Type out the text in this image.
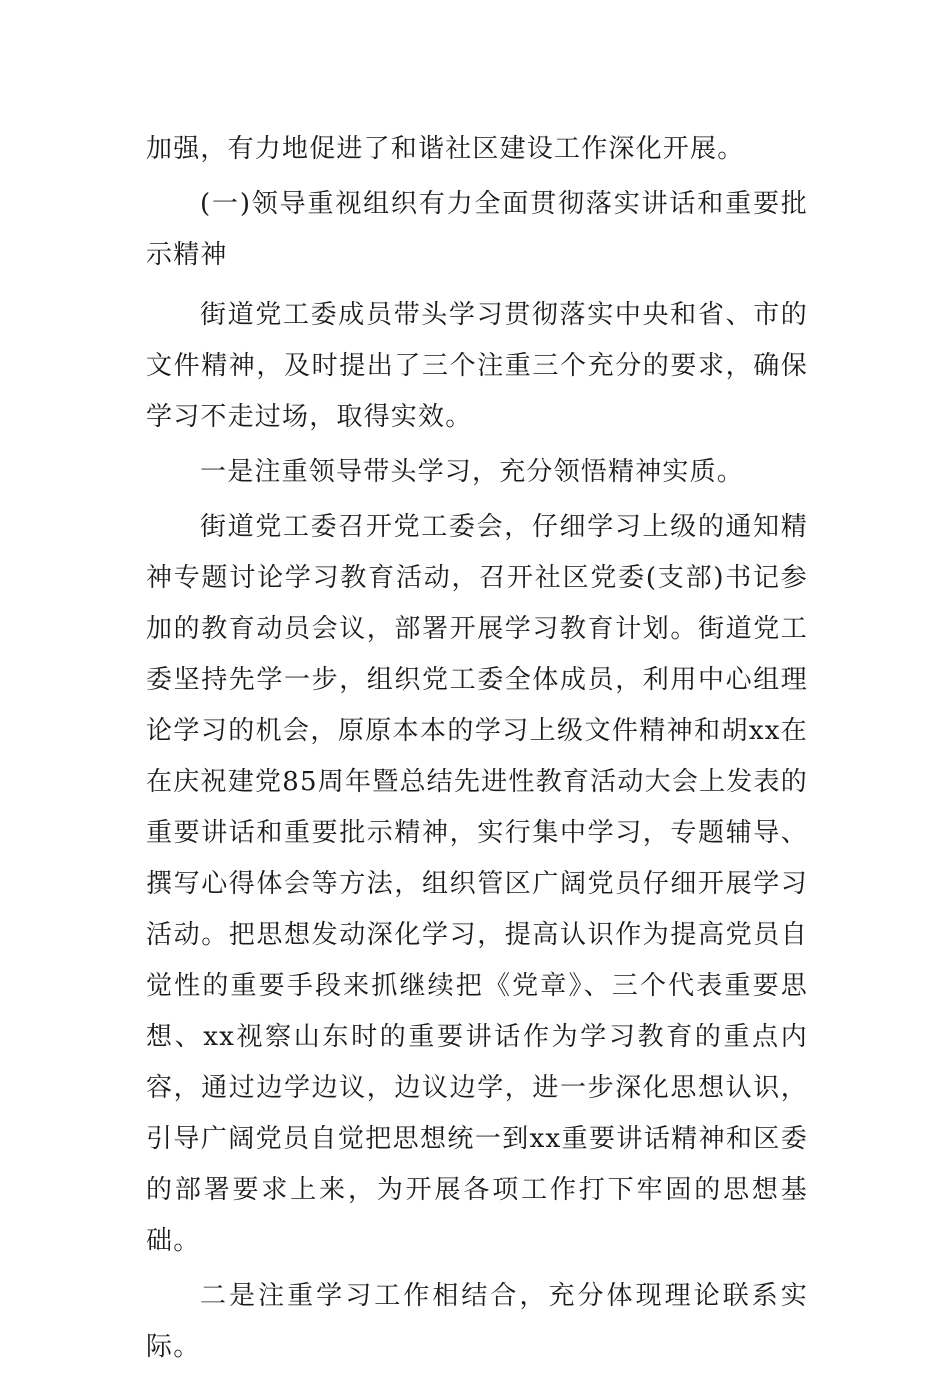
加强，有力地促进了和谐社区建设工作深化开展。

(一)领导重视组织有力全面贯彻落实讲话和重要批示精神

街道党工委成员带头学习贯彻落实中央和省、市的文件精神，及时提出了三个注重三个充分的要求，确保学习不走过场，取得实效。

一是注重领导带头学习，充分领悟精神实质。

街道党工委召开党工委会，仔细学习上级的通知精神专题讨论学习教育活动，召开社区党委(支部)书记参加的教育动员会议，部署开展学习教育计划。街道党工委坚持先学一步，组织党工委全体成员，利用中心组理论学习的机会，原原本本的学习上级文件精神和胡xx在在庆祝建党85周年暨总结先进性教育活动大会上发表的重要讲话和重要批示精神，实行集中学习，专题辅导、撰写心得体会等方法，组织管区广阔党员仔细开展学习活动。把思想发动深化学习，提高认识作为提高党员自觉性的重要手段来抓继续把《党章》、三个代表重要思想、xx视察山东时的重要讲话作为学习教育的重点内容，通过边学边议，边议边学，进一步深化思想认识，引导广阔党员自觉把思想统一到xx重要讲话精神和区委的部署要求上来，为开展各项工作打下牢固的思想基础。

二是注重学习工作相结合，充分体现理论联系实际。
